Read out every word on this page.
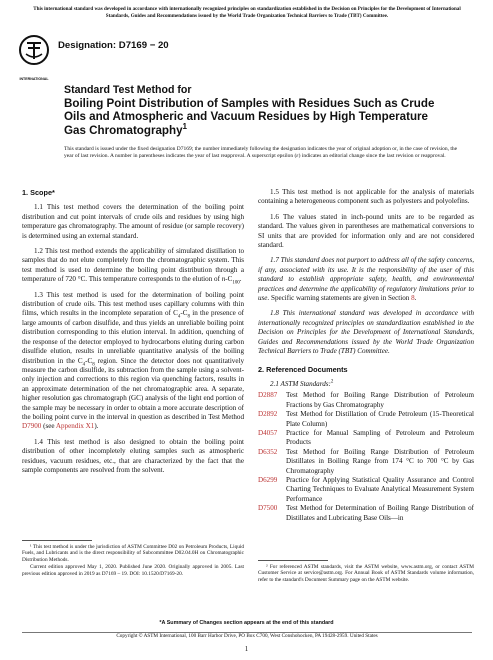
This international standard was developed in accordance with internationally recognized principles on standardization established in the Decision on Principles for the Development of International Standards, Guides and Recommendations issued by the World Trade Organization Technical Barriers to Trade (TBT) Committee.
INTERNATIONAL
Designation: D7169 − 20
Standard Test Method for
Boiling Point Distribution of Samples with Residues Such as Crude Oils and Atmospheric and Vacuum Residues by High Temperature Gas Chromatography$^1$
This standard is issued under the fixed designation D7169; the number immediately following the designation indicates the year of original adoption or, in the case of revision, the year of last revision. A number in parentheses indicates the year of last reapproval. A superscript epsilon (ε) indicates an editorial change since the last revision or reapproval.
1. Scope*

1.1 This test method covers the determination of the boiling point distribution and cut point intervals of crude oils and residues by using high temperature gas chromatography. The amount of residue (or sample recovery) is determined using an external standard.

1.2 This test method extends the applicability of simulated distillation to samples that do not elute completely from the chromatographic system. This test method is used to determine the boiling point distribution through a temperature of 720 °C. This temperature corresponds to the elution of $n-C_{100}$.

1.3 This test method is used for the determination of boiling point distribution of crude oils. This test method uses capillary columns with thin films, which results in the incomplete separation of $C_4-C_8$ in the presence of large amounts of carbon disulfide, and thus yields an unreliable boiling point distribution corresponding to this elution interval. In addition, quenching of the response of the detector employed to hydrocarbons eluting during carbon disulfide elution, results in unreliable quantitative analysis of the boiling distribution in the $C_4-C_8$ region. Since the detector does not quantitatively measure the carbon disulfide, its subtraction from the sample using a solvent-only injection and corrections to this region via quenching factors, results in an approximate determination of the net chromatographic area. A separate, higher resolution gas chromatograph (GC) analysis of the light end portion of the sample may be necessary in order to obtain a more accurate description of the boiling point curve in the interval in question as described in Test Method D7900 (see Appendix X1).

1.4 This test method is also designed to obtain the boiling point distribution of other incompletely eluting samples such as atmospheric residues, vacuum residues, etc., that are characterized by the fact that the sample components are resolved from the solvent.

1.5 This test method is not applicable for the analysis of materials containing a heterogeneous component such as polyesters and polyolefins.

1.6 The values stated in inch-pound units are to be regarded as standard. The values given in parentheses are mathematical conversions to SI units that are provided for information only and are not considered standard.

1.7 This standard does not purport to address all of the safety concerns, if any, associated with its use. It is the responsibility of the user of this standard to establish appropriate safety, health, and environmental practices and determine the applicability of regulatory limitations prior to use. Specific warning statements are given in Section 8.

1.8 This international standard was developed in accordance with internationally recognized principles on standardization established in the Decision on Principles for the Development of International Standards, Guides and Recommendations issued by the World Trade Organization Technical Barriers to Trade (TBT) Committee.

2. Referenced Documents
2.1 ASTM Standards:$^2$
D2887	Test Method for Boiling Range Distribution of Petroleum Fractions by Gas Chromatography
D2892	Test Method for Distillation of Crude Petroleum (15-Theoretical Plate Column)
D4057	Practice for Manual Sampling of Petroleum and Petroleum Products
D6352	Test Method for Boiling Range Distribution of Petroleum Distillates in Boiling Range from 174 °C to 700 °C by Gas Chromatography
D6299	Practice for Applying Statistical Quality Assurance and Control Charting Techniques to Evaluate Analytical Measurement System Performance
D7500	Test Method for Determination of Boiling Range Distribution of Distillates and Lubricating Base Oils—in
¹ This test method is under the jurisdiction of ASTM Committee D02 on Petroleum Products, Liquid Fuels, and Lubricants and is the direct responsibility of Subcommittee D02.04.0H on Chromatographic Distribution Methods.
Current edition approved May 1, 2020. Published June 2020. Originally approved in 2005. Last previous edition approved in 2019 as D7169 – 19. DOI: 10.1520/D7169-20.
² For referenced ASTM standards, visit the ASTM website, www.astm.org, or contact ASTM Customer Service at service@astm.org. For Annual Book of ASTM Standards volume information, refer to the standard's Document Summary page on the ASTM website.
*A Summary of Changes section appears at the end of this standard
Copyright © ASTM International, 100 Barr Harbor Drive, PO Box C700, West Conshohocken, PA 19428-2959. United States
1
